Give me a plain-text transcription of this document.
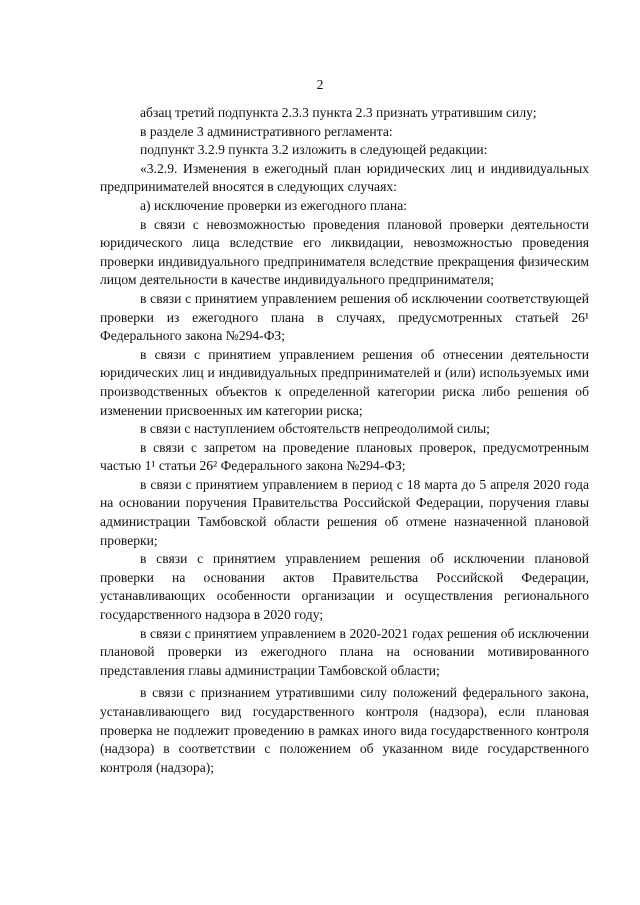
2

абзац третий подпункта 2.3.3 пункта 2.3 признать утратившим силу;

в разделе 3 административного регламента:

подпункт 3.2.9 пункта 3.2 изложить в следующей редакции:

«3.2.9. Изменения в ежегодный план юридических лиц и индивидуальных предпринимателей вносятся в следующих случаях:

а) исключение проверки из ежегодного плана:

в связи с невозможностью проведения плановой проверки деятельности юридического лица вследствие его ликвидации, невозможностью проведения проверки индивидуального предпринимателя вследствие прекращения физическим лицом деятельности в качестве индивидуального предпринимателя;

в связи с принятием управлением решения об исключении соответствующей проверки из ежегодного плана в случаях, предусмотренных статьей 26¹ Федерального закона №294-ФЗ;

в связи с принятием управлением решения об отнесении деятельности юридических лиц и индивидуальных предпринимателей и (или) используемых ими производственных объектов к определенной категории риска либо решения об изменении присвоенных им категории риска;

в связи с наступлением обстоятельств непреодолимой силы;

в связи с запретом на проведение плановых проверок, предусмотренным частью 1¹ статьи 26² Федерального закона №294-ФЗ;

в связи с принятием управлением в период с 18 марта до 5 апреля 2020 года на основании поручения Правительства Российской Федерации, поручения главы администрации Тамбовской области решения об отмене назначенной плановой проверки;

в связи с принятием управлением решения об исключении плановой проверки на основании актов Правительства Российской Федерации, устанавливающих особенности организации и осуществления регионального государственного надзора в 2020 году;

в связи с принятием управлением в 2020-2021 годах решения об исключении плановой проверки из ежегодного плана на основании мотивированного представления главы администрации Тамбовской области;

в связи с признанием утратившими силу положений федерального закона, устанавливающего вид государственного контроля (надзора), если плановая проверка не подлежит проведению в рамках иного вида государственного контроля (надзора) в соответствии с положением об указанном виде государственного контроля (надзора);
